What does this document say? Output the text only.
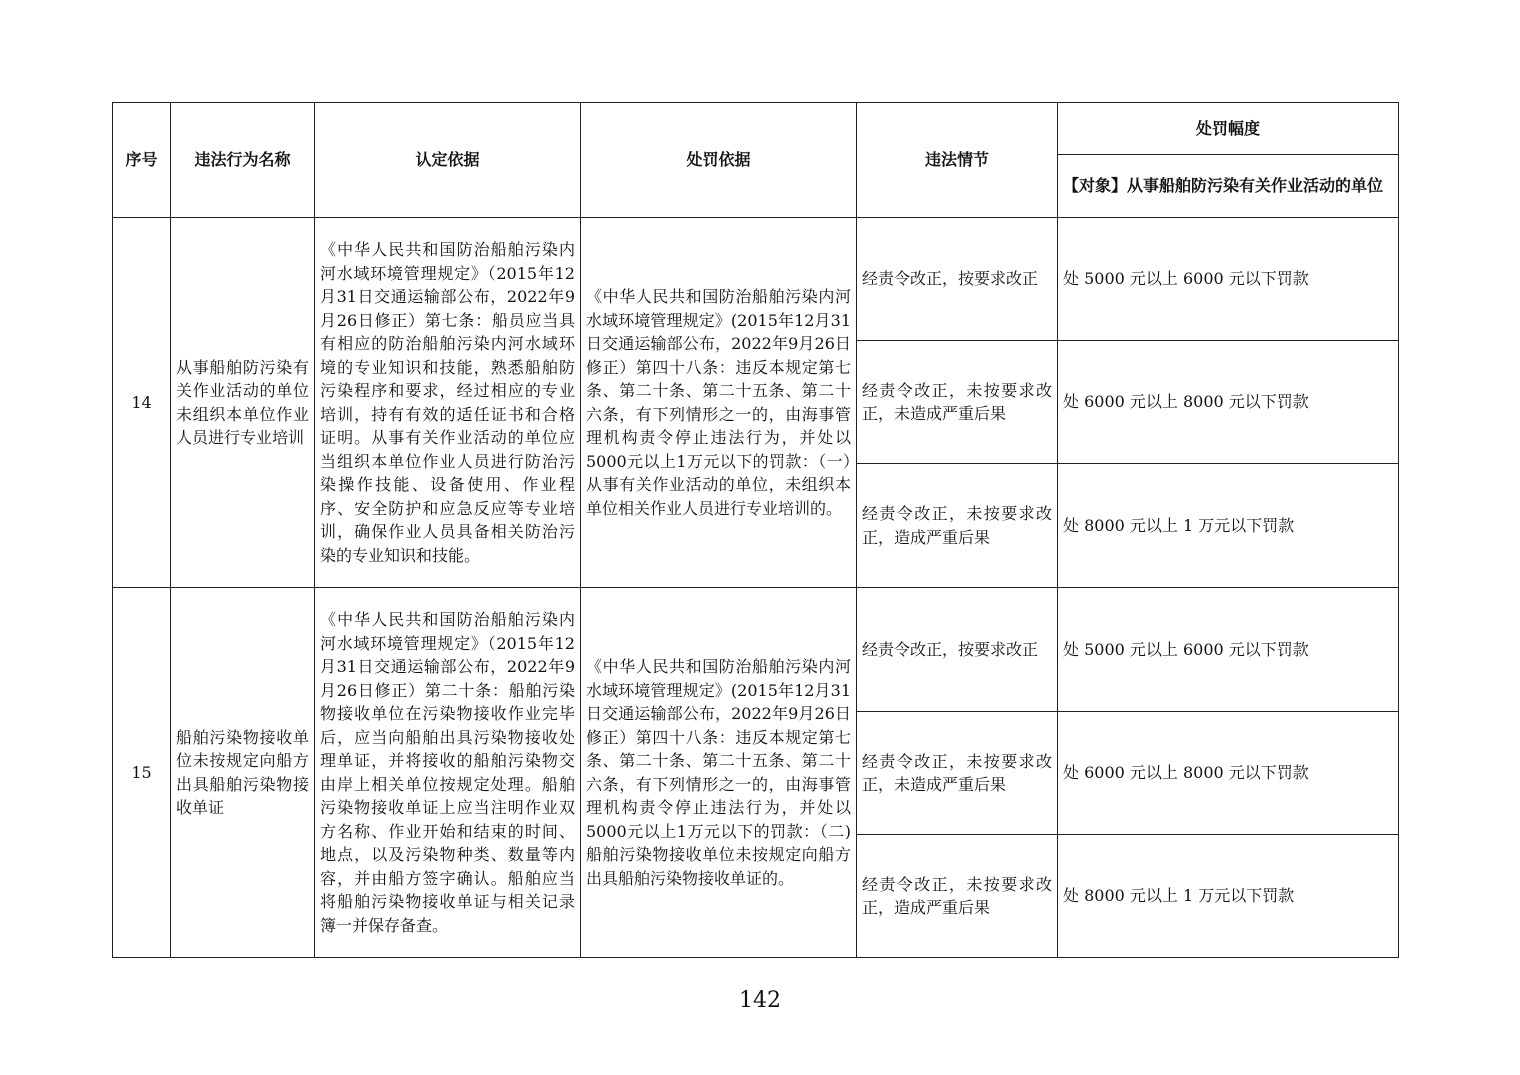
序号	违法行为名称	认定依据	处罚依据	违法情节	处罚幅度
					【对象】从事船舶防污染有关作业活动的单位
14	从事船舶防污染有关作业活动的单位未组织本单位作业人员进行专业培训	《中华人民共和国防治船舶污染内河水域环境管理规定》（2015年12月31日交通运输部公布，2022年9月26日修正）第七条：船员应当具有相应的防治船舶污染内河水域环境的专业知识和技能，熟悉船舶防污染程序和要求，经过相应的专业培训，持有有效的适任证书和合格证明。从事有关作业活动的单位应当组织本单位作业人员进行防治污染操作技能、设备使用、作业程序、安全防护和应急反应等专业培训，确保作业人员具备相关防治污染的专业知识和技能。	《中华人民共和国防治船舶污染内河水域环境管理规定》(2015年12月31日交通运输部公布，2022年9月26日修正）第四十八条：违反本规定第七条、第二十条、第二十五条、第二十六条，有下列情形之一的，由海事管理机构责令停止违法行为，并处以5000元以上1万元以下的罚款：（一）从事有关作业活动的单位，未组织本单位相关作业人员进行专业培训的。	经责令改正，按要求改正	处 5000 元以上 6000 元以下罚款
				经责令改正，未按要求改正，未造成严重后果	处 6000 元以上 8000 元以下罚款
				经责令改正，未按要求改正，造成严重后果	处 8000 元以上 1 万元以下罚款
15	船舶污染物接收单位未按规定向船方出具船舶污染物接收单证	《中华人民共和国防治船舶污染内河水域环境管理规定》（2015年12月31日交通运输部公布，2022年9月26日修正）第二十条：船舶污染物接收单位在污染物接收作业完毕后，应当向船舶出具污染物接收处理单证，并将接收的船舶污染物交由岸上相关单位按规定处理。船舶污染物接收单证上应当注明作业双方名称、作业开始和结束的时间、地点，以及污染物种类、数量等内容，并由船方签字确认。船舶应当将船舶污染物接收单证与相关记录簿一并保存备查。	《中华人民共和国防治船舶污染内河水域环境管理规定》(2015年12月31日交通运输部公布，2022年9月26日修正）第四十八条：违反本规定第七条、第二十条、第二十五条、第二十六条，有下列情形之一的，由海事管理机构责令停止违法行为，并处以5000元以上1万元以下的罚款：（二)船舶污染物接收单位未按规定向船方出具船舶污染物接收单证的。	经责令改正，按要求改正	处 5000 元以上 6000 元以下罚款
				经责令改正，未按要求改正，未造成严重后果	处 6000 元以上 8000 元以下罚款
				经责令改正，未按要求改正，造成严重后果	处 8000 元以上 1 万元以下罚款
142
